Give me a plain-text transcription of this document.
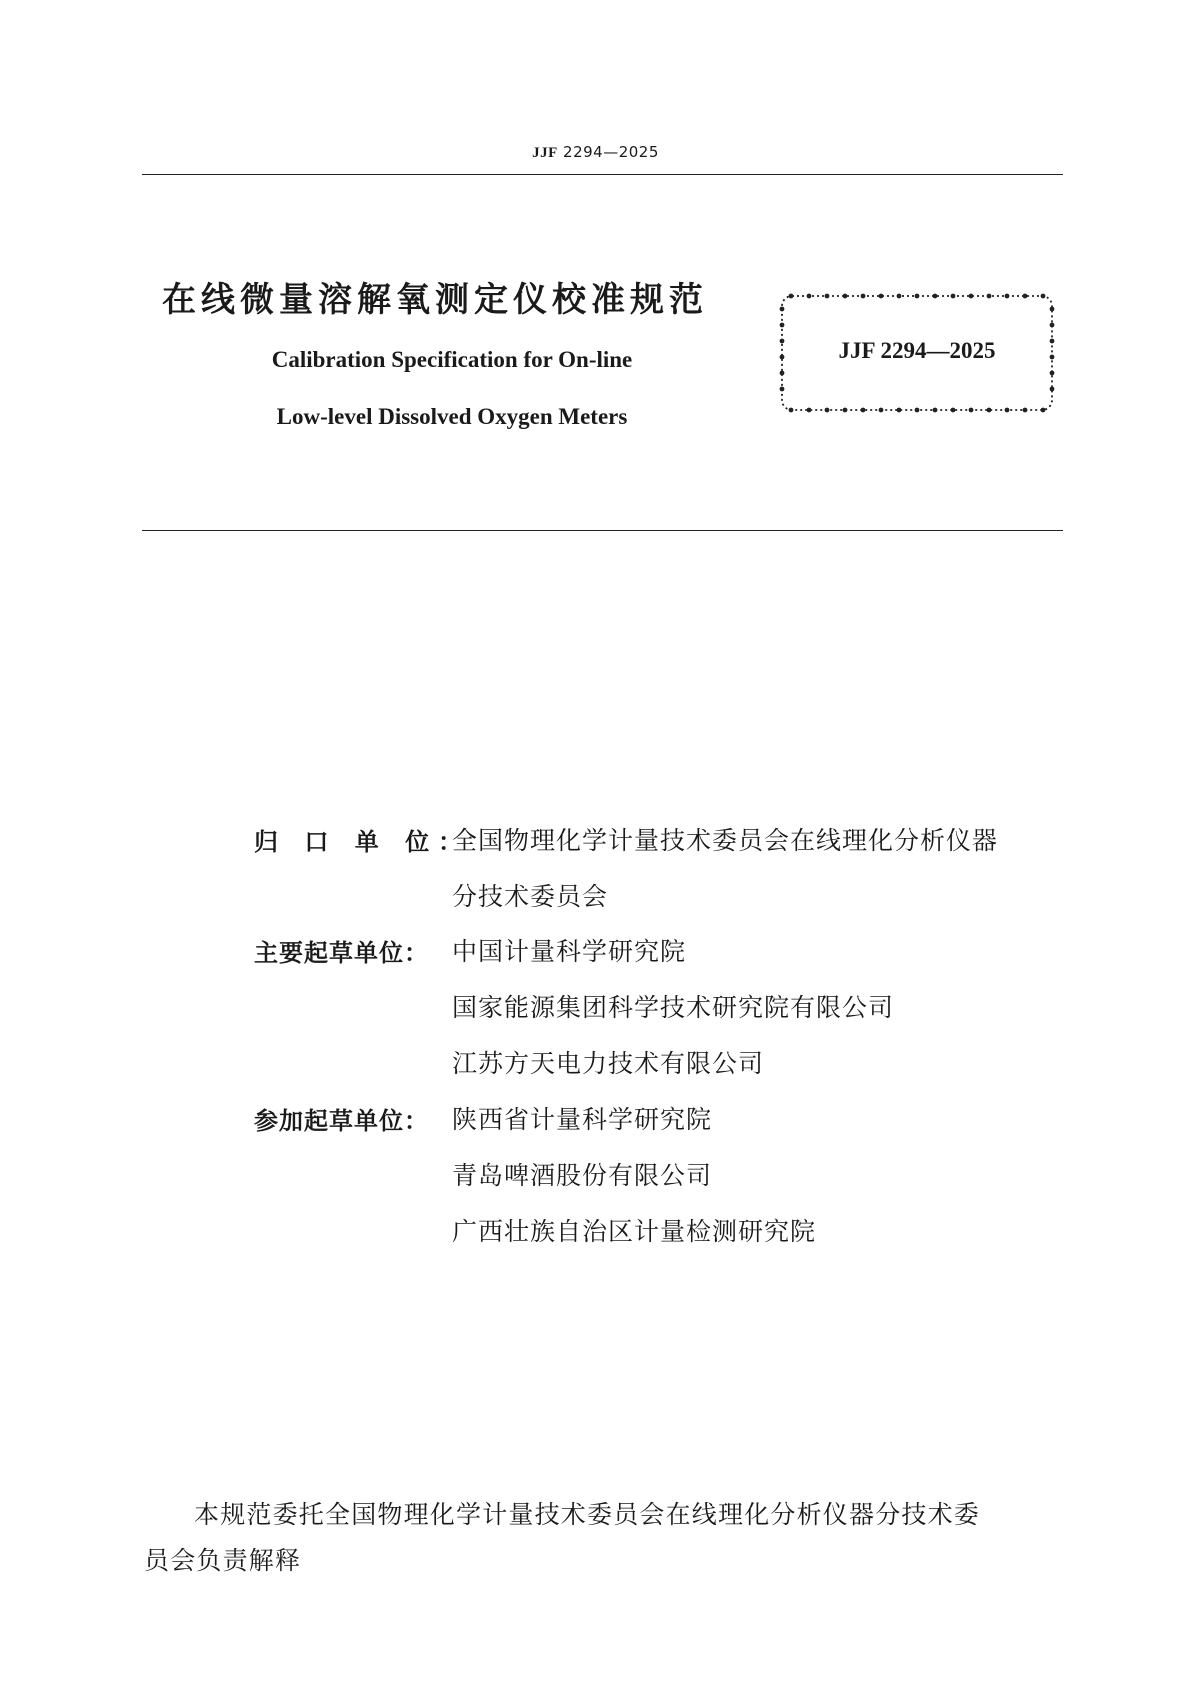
JJF 2294—2025
在线微量溶解氧测定仪校准规范
Calibration Specification for On-line
Low-level Dissolved Oxygen Meters
JJF 2294—2025
归 口 单 位：
全国物理化学计量技术委员会在线理化分析仪器
分技术委员会
主要起草单位： 中国计量科学研究院
国家能源集团科学技术研究院有限公司
江苏方天电力技术有限公司
参加起草单位： 陕西省计量科学研究院
青岛啤酒股份有限公司
广西壮族自治区计量检测研究院
本规范委托全国物理化学计量技术委员会在线理化分析仪器分技术委
员会负责解释
